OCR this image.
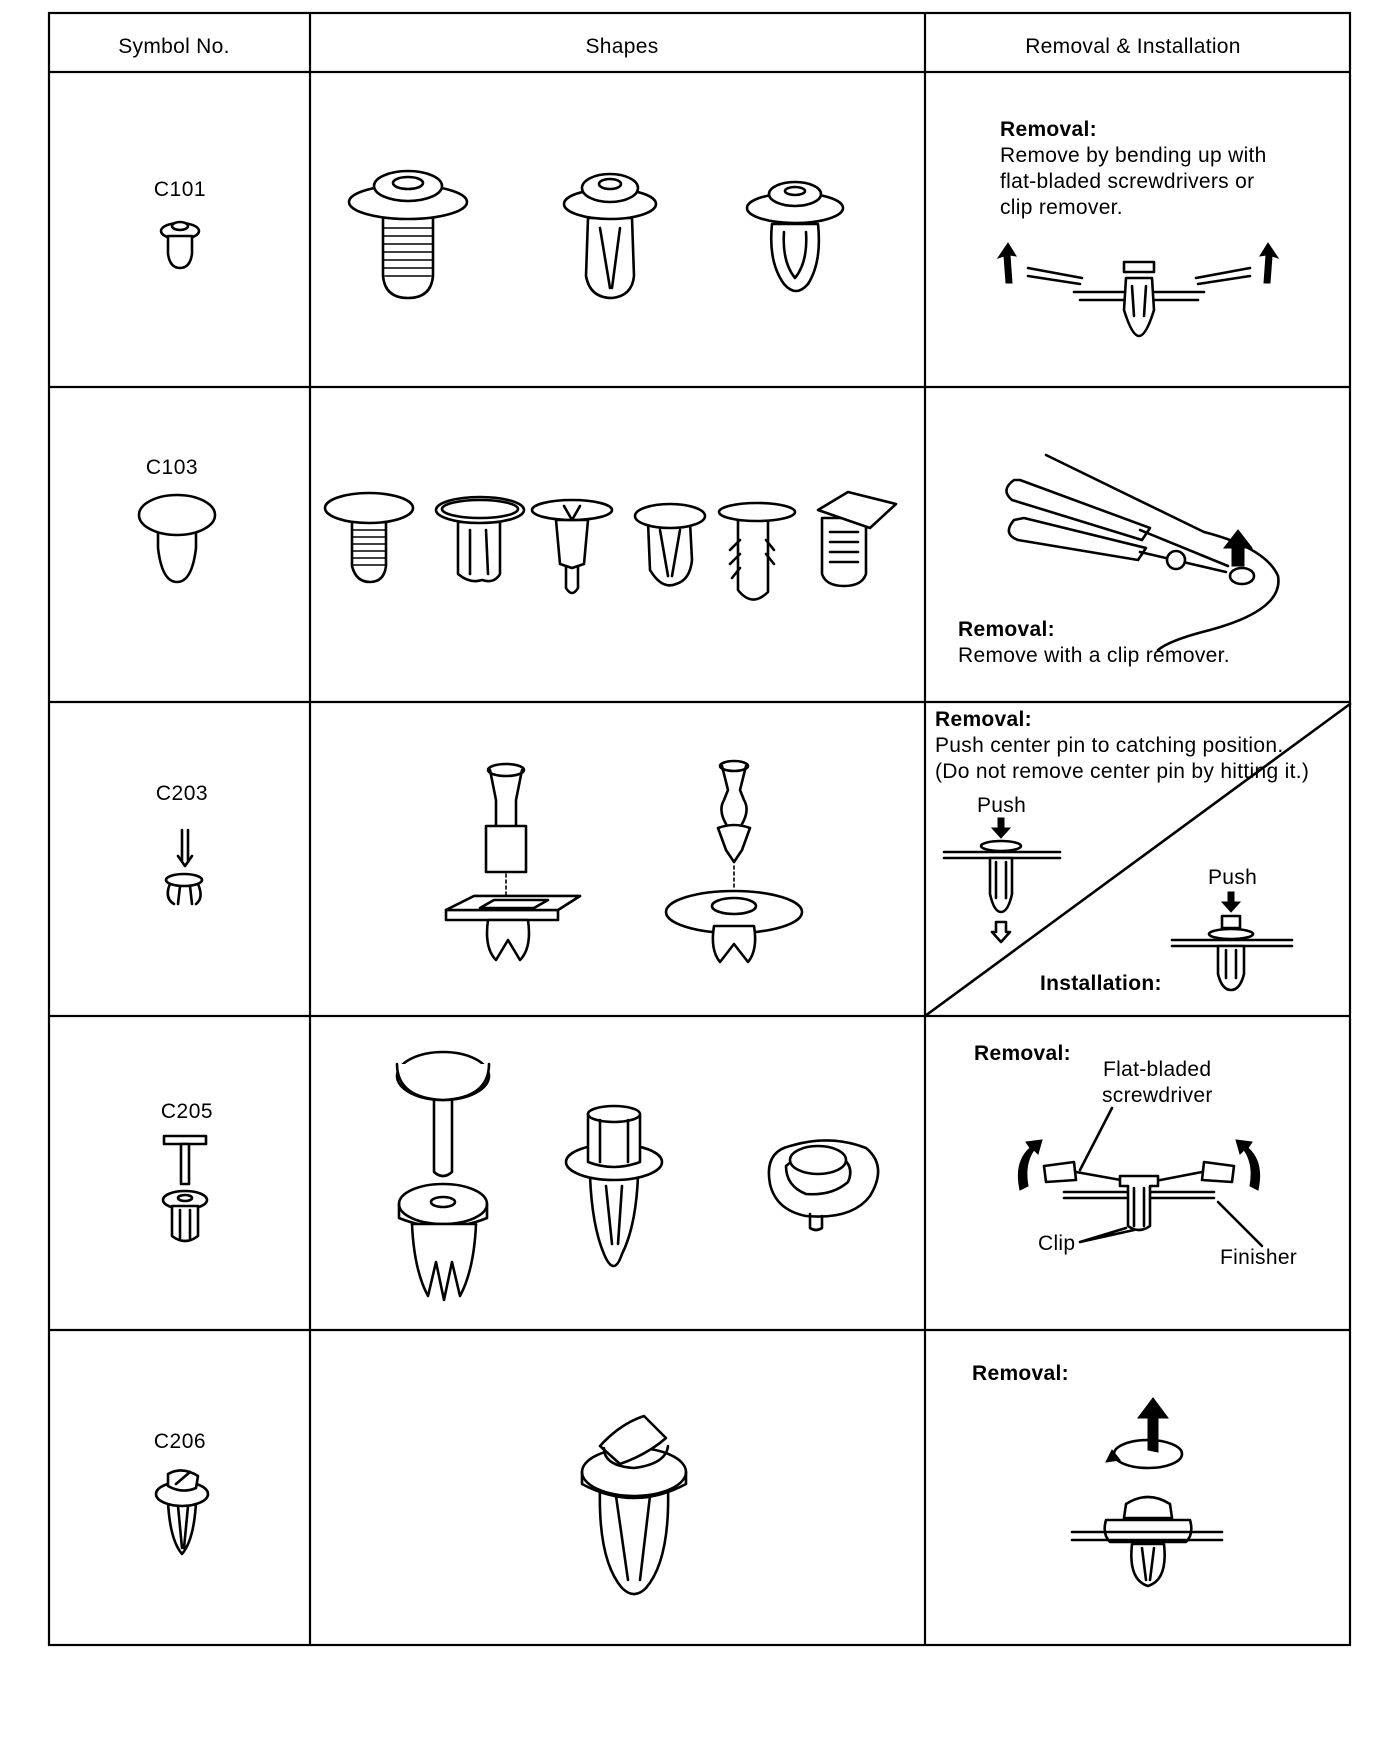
Symbol No.	Shapes	Removal & Installation
C101
Removal:
Remove by bending up with
flat-bladed screwdrivers or
clip remover.
C103
Removal:
Remove with a clip remover.
C203
Removal:
Push center pin to catching position.
(Do not remove center pin by hitting it.)
Push
Push
Installation:
C205
Removal:
Flat-bladed
screwdriver
Clip
Finisher
C206
Removal:
